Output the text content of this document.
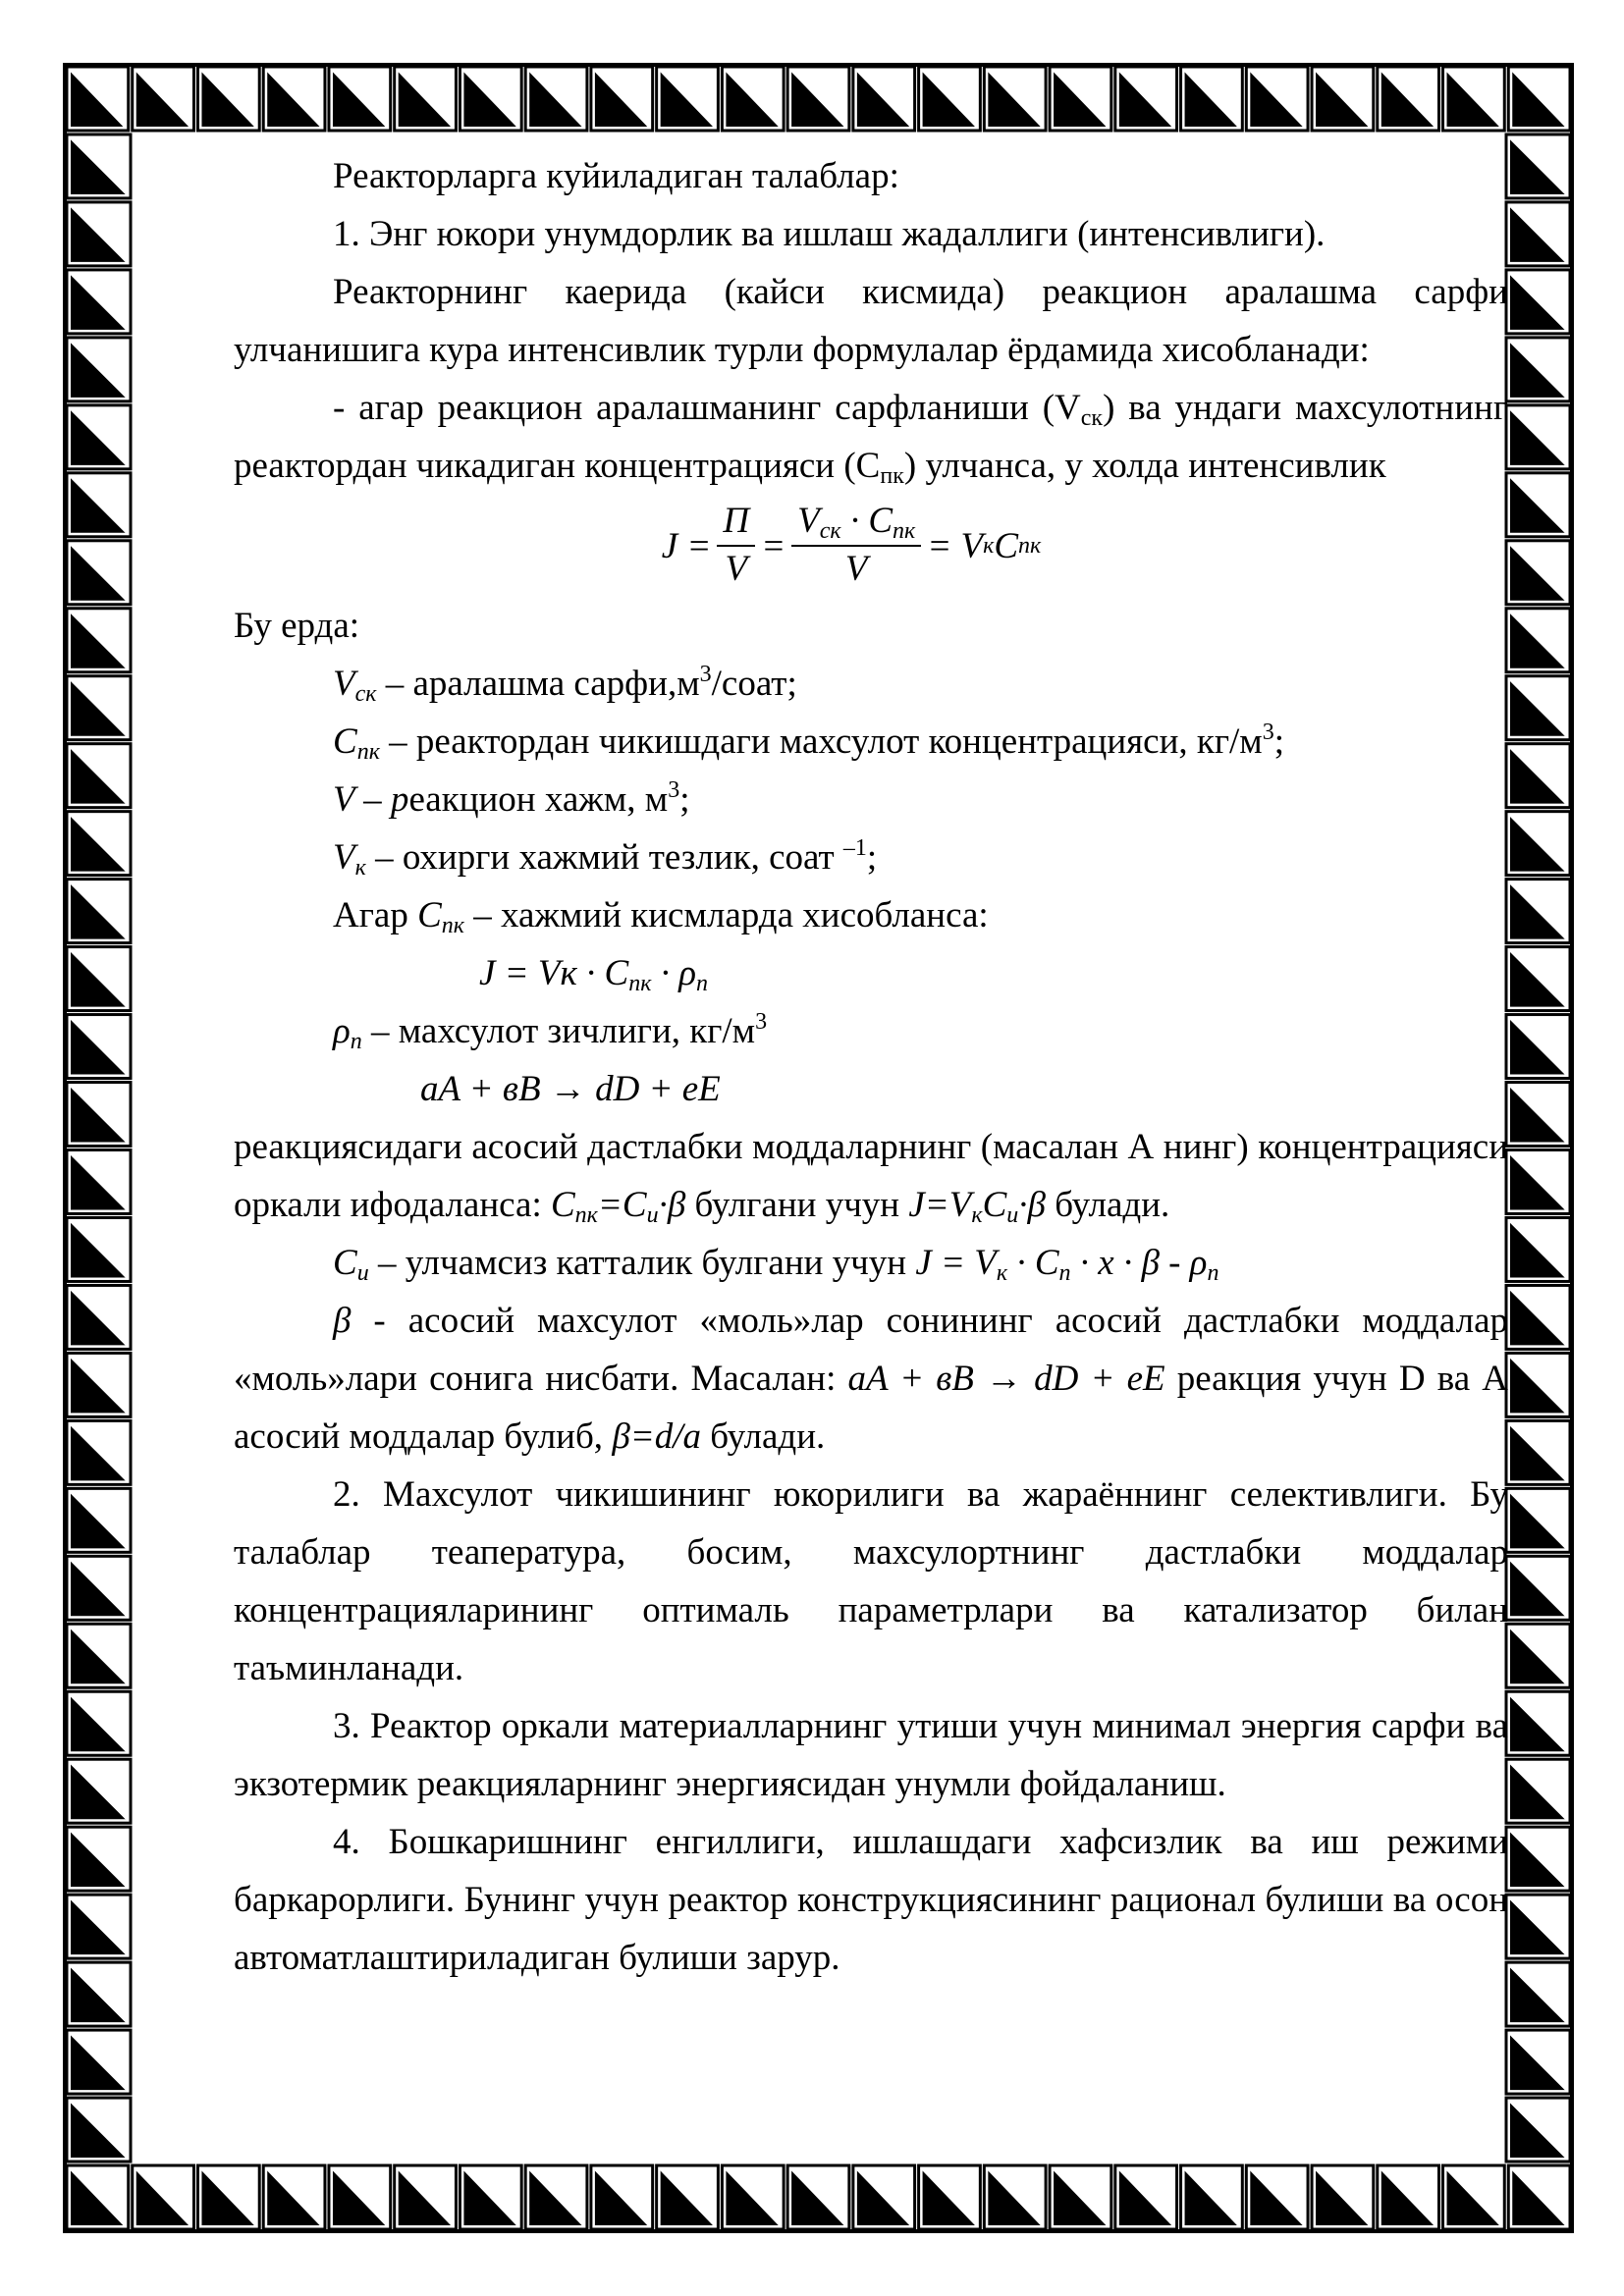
Реакторларга куйиладиган талаблар:

1. Энг юкори унумдорлик ва ишлаш жадаллиги (интенсивлиги).

Реакторнинг каерида (кайси кисмида) реакцион аралашма сарфи улчанишига кура интенсивлик турли формулалар ёрдамида хисобланади:

- агар реакцион аралашманинг сарфланиши $(V_{ск})$ ва ундаги махсулотнинг реактордан чикадиган концентрацияси $(С_{пк})$ улчанса, у холда интенсивлик

$J = \frac{П}{V} = \frac{V_{ск} \cdot C_{пк}}{V} = V$ к C пк

Бу ерда:

$V_{ск}$ – аралашма $сарфи,м^3$/соат;

$C_{пк}$ – реактордан чикишдаги махсулот концентрацияси, $кг/м^3$;

V – реакцион хажм, $м^3$;

$V_к$ – охирги хажмий тезлик, соат $^{-1}$;

Агар $С_{пк}$ – хажмий кисмларда хисобланса:

J = Vк · $C_{пк} \cdot \rho_п$

$\rho_п$ – махсулот зичлиги, $кг/м^3$

aA + вB → dD + eE

реакциясидаги асосий дастлабки моддаларнинг (масалан А нинг) концентрацияси оркали ифодаланса: $C_{пк}=C_и\cdot\beta$ булгани учун $J=V_кC_и\cdot\beta$ булади.

$С_и$ – улчамсиз катталик булгани учун $J = V_к \cdot C_п \cdot x \cdot \beta - \rho_п$

β - асосий махсулот «моль»лар сонининг асосий дастлабки моддалар «моль»лари сонига нисбати. Масалан: aA + вB → dD + eE реакция учун D ва А асосий моддалар булиб, β=d/a булади.

2. Махсулот чикишининг юкорилиги ва жараённинг селективлиги. Бу талаблар теапература, босим, махсулортнинг дастлабки моддалар концентрацияларининг оптималь параметрлари ва катализатор билан таъминланади.

3. Реактор оркали материалларнинг утиши учун минимал энергия сарфи ва экзотермик реакцияларнинг энергиясидан унумли фойдаланиш.

4. Бошкаришнинг енгиллиги, ишлашдаги хафсизлик ва иш режими баркарорлиги. Бунинг учун реактор конструкциясининг рационал булиши ва осон автоматлаштириладиган булиши зарур.
